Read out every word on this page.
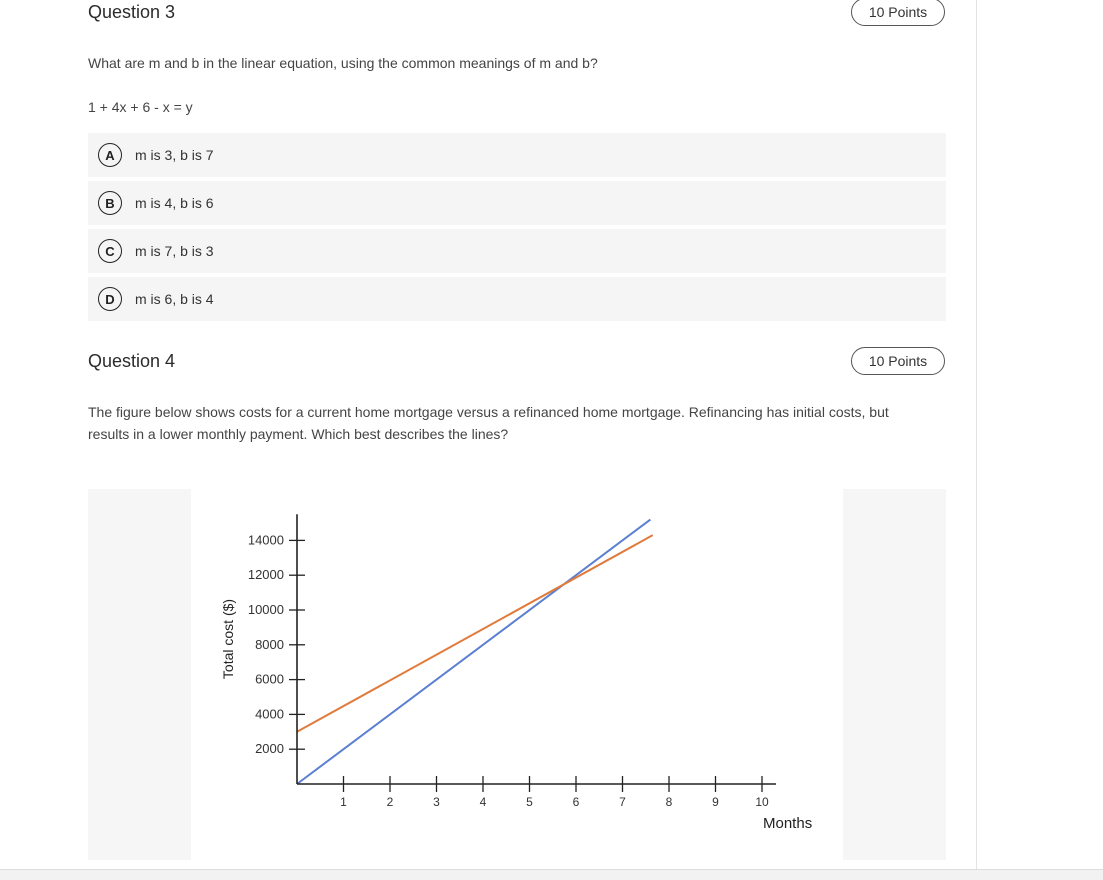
Question 3	10 Points
What are m and b in the linear equation, using the common meanings of m and b?
1 + 4x + 6 - x = y
A	m is 3, b is 7
B	m is 4, b is 6
C	m is 7, b is 3
D	m is 6, b is 4
Question 4	10 Points
The figure below shows costs for a current home mortgage versus a refinanced home mortgage. Refinancing has initial costs, but
results in a lower monthly payment. Which best describes the lines?
1	2	3	4	5	6	7	8	9	10
2000
4000
6000
8000
10000
12000
14000
Months
Total cost ($)
